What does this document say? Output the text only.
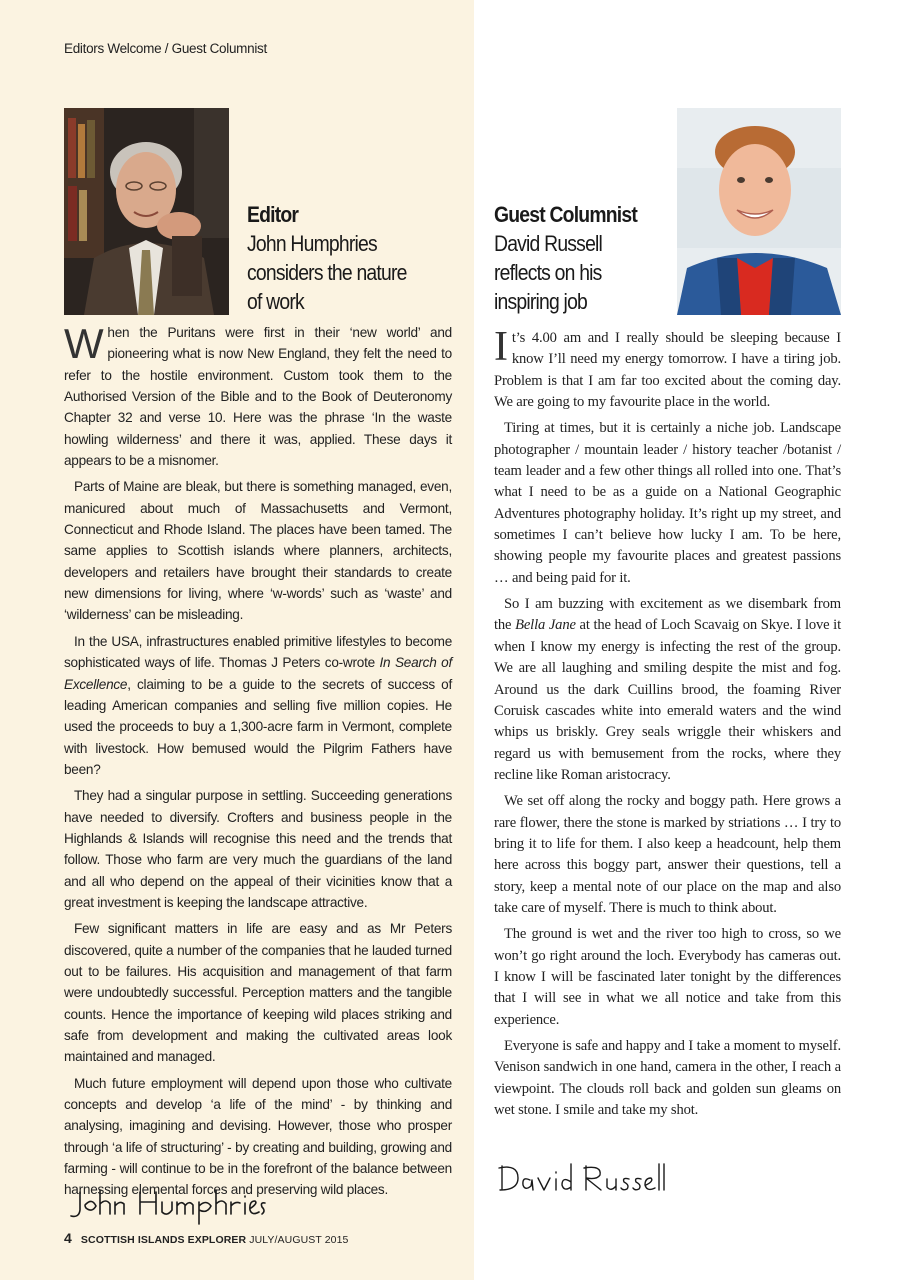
Editors Welcome / Guest Columnist
Editor
John Humphries
considers the nature
of work
Guest Columnist
David Russell
reflects on his
inspiring job

When the Puritans were first in their ‘new world’ and pioneering what is now New England, they felt the need to refer to the hostile environment. Custom took them to the Authorised Version of the Bible and to the Book of Deuteronomy Chapter 32 and verse 10. Here was the phrase ‘In the waste howling wilderness’ and there it was, applied. These days it appears to be a misnomer.

Parts of Maine are bleak, but there is something managed, even, manicured about much of Massachusetts and Vermont, Connecticut and Rhode Island. The places have been tamed. The same applies to Scottish islands where planners, architects, developers and retailers have brought their standards to create new dimensions for living, where ‘w-words’ such as ‘waste’ and ‘wilderness’ can be misleading.

In the USA, infrastructures enabled primitive lifestyles to become sophisticated ways of life. Thomas J Peters co-wrote In Search of Excellence, claiming to be a guide to the secrets of success of leading American companies and selling five million copies. He used the proceeds to buy a 1,300-acre farm in Vermont, complete with livestock. How bemused would the Pilgrim Fathers have been?

They had a singular purpose in settling. Succeeding generations have needed to diversify. Crofters and business people in the Highlands & Islands will recognise this need and the trends that follow. Those who farm are very much the guardians of the land and all who depend on the appeal of their vicinities know that a great investment is keeping the landscape attractive.

Few significant matters in life are easy and as Mr Peters discovered, quite a number of the companies that he lauded turned out to be failures. His acquisition and management of that farm were undoubtedly successful. Perception matters and the tangible counts. Hence the importance of keeping wild places striking and safe from development and making the cultivated areas look maintained and managed.

Much future employment will depend upon those who cultivate concepts and develop ‘a life of the mind’ - by thinking and analysing, imagining and devising. However, those who prosper through ‘a life of structuring’ - by creating and building, growing and farming - will continue to be in the forefront of the balance between harnessing elemental forces and preserving wild places.

It’s 4.00 am and I really should be sleeping because I know I’ll need my energy tomorrow. I have a tiring job. Problem is that I am far too excited about the coming day. We are going to my favourite place in the world.

Tiring at times, but it is certainly a niche job. Landscape photographer / mountain leader / history teacher /botanist / team leader and a few other things all rolled into one. That’s what I need to be as a guide on a National Geographic Adventures photography holiday. It’s right up my street, and sometimes I can’t believe how lucky I am. To be here, showing people my favourite places and greatest passions … and being paid for it.

So I am buzzing with excitement as we disembark from the Bella Jane at the head of Loch Scavaig on Skye. I love it when I know my energy is infecting the rest of the group. We are all laughing and smiling despite the mist and fog. Around us the dark Cuillins brood, the foaming River Coruisk cascades white into emerald waters and the wind whips us briskly. Grey seals wriggle their whiskers and regard us with bemusement from the rocks, where they recline like Roman aristocracy.

We set off along the rocky and boggy path. Here grows a rare flower, there the stone is marked by striations … I try to bring it to life for them. I also keep a headcount, help them here across this boggy part, answer their questions, tell a story, keep a mental note of our place on the map and also take care of myself. There is much to think about.

The ground is wet and the river too high to cross, so we won’t go right around the loch. Everybody has cameras out. I know I will be fascinated later tonight by the differences that I will see in what we all notice and take from this experience.

Everyone is safe and happy and I take a moment to myself. Venison sandwich in one hand, camera in the other, I reach a viewpoint. The clouds roll back and golden sun gleams on wet stone. I smile and take my shot.

4 SCOTTISH ISLANDS EXPLORER JULY/AUGUST 2015
